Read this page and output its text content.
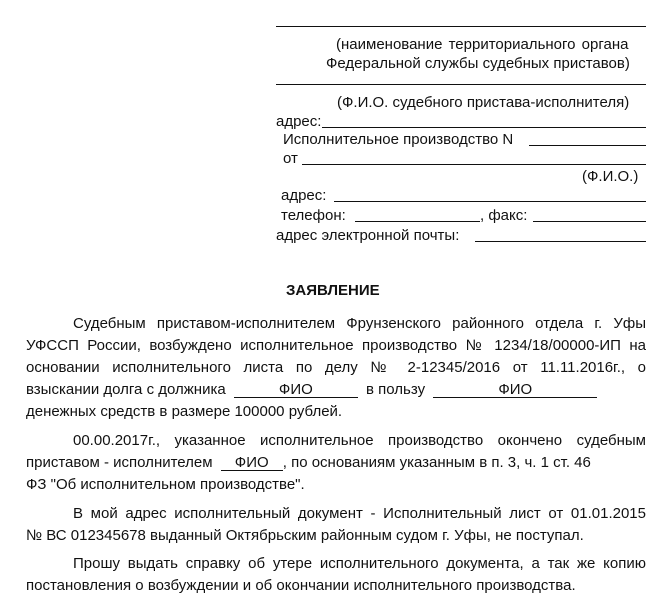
(наименование территориального органа
Федеральной службы судебных приставов)
(Ф.И.О. судебного пристава-исполнителя)
адрес:
Исполнительное производство N
от
(Ф.И.О.)
адрес:
телефон:	, факс:
адрес электронной почты:
ЗАЯВЛЕНИЕ
Судебным приставом-исполнителем Фрунзенского районного отдела г. Уфы
УФССП России, возбуждено исполнительное производство № 1234/18/00000-ИП на
основании исполнительного листа по делу № 2-12345/2016 от 11.11.2016г., о
взыскании долга с должника	ФИО	в пользу	ФИО
денежных средств в размере 100000 рублей.
00.00.2017г., указанное исполнительное производство окончено судебным
приставом - исполнителем ФИО , по основаниям указанным в п. 3, ч. 1 ст. 46
ФЗ "Об исполнительном производстве".
В мой адрес исполнительный документ - Исполнительный лист от 01.01.2015
№ ВС 012345678 выданный Октябрьским районным судом г. Уфы, не поступал.
Прошу выдать справку об утере исполнительного документа, а так же копию
постановления о возбуждении и об окончании исполнительного производства.
